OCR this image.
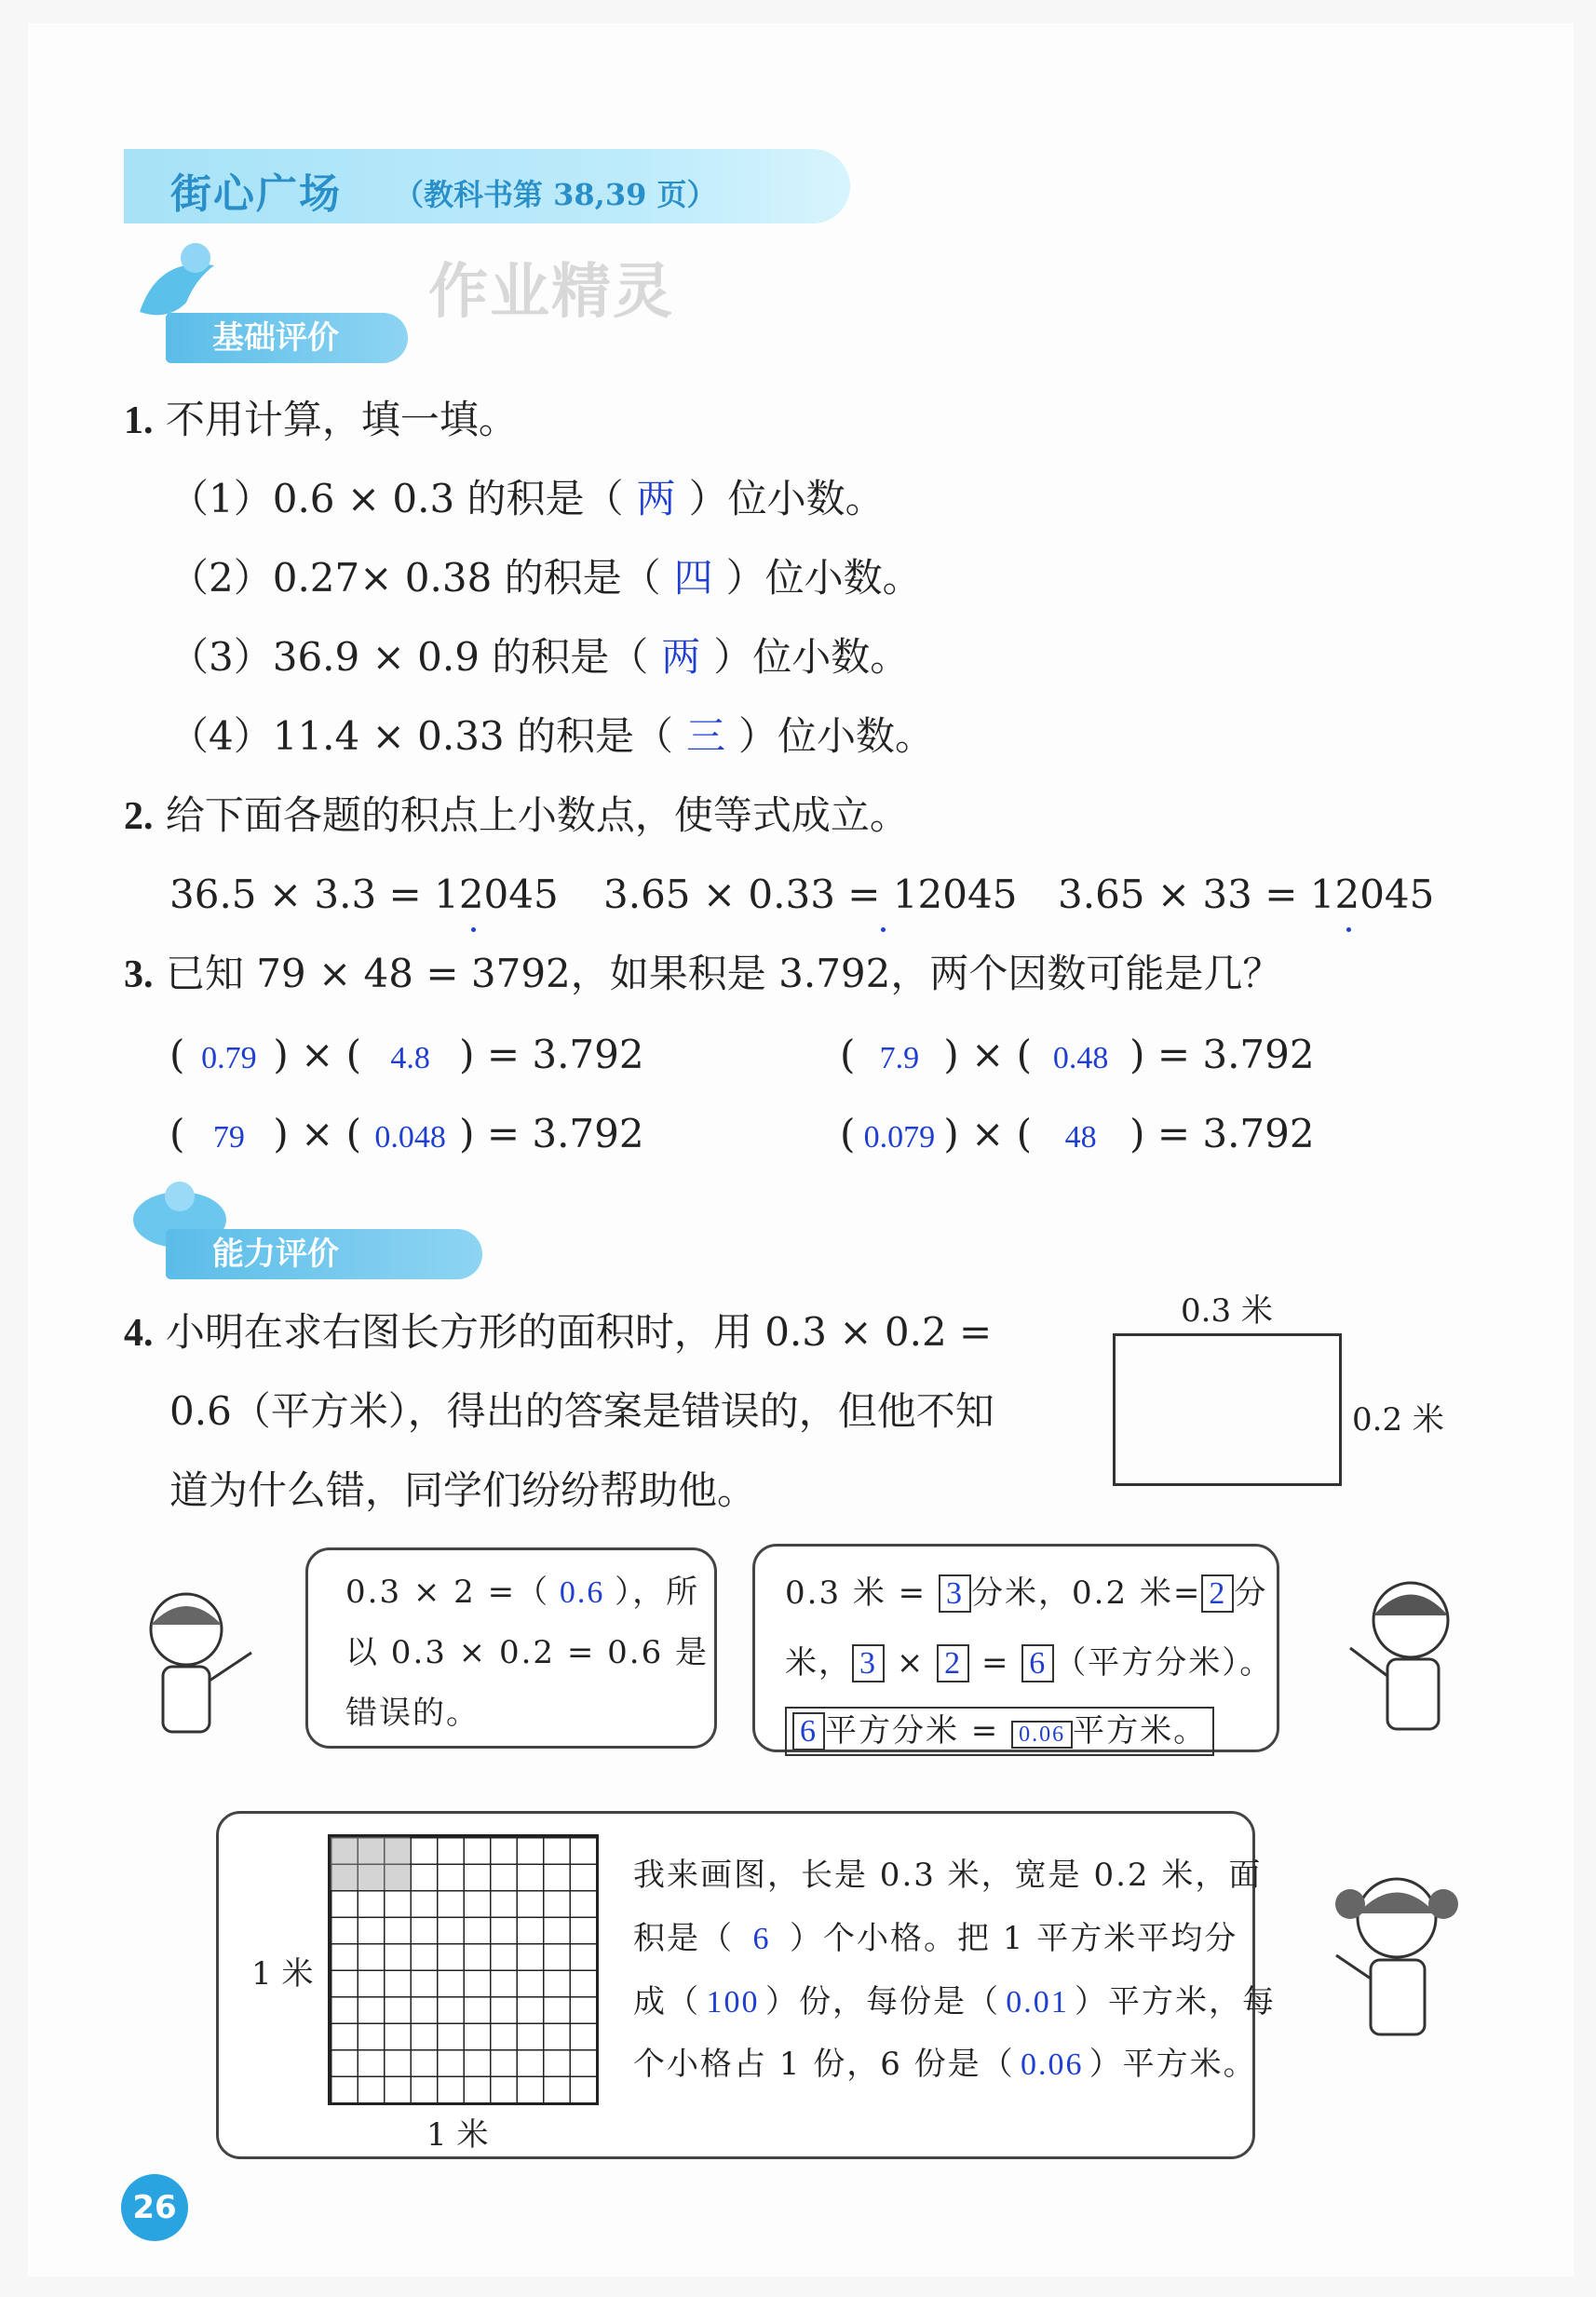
街心广场 （教科书第 38,39 页）
作业精灵
基础评价
1. 不用计算，填一填。
（1）0.6 × 0.3 的积是（ 两 ）位小数。
（2）0.27× 0.38 的积是（ 四 ）位小数。
（3）36.9 × 0.9 的积是（ 两 ）位小数。
（4）11.4 × 0.33 的积是（ 三 ）位小数。
2. 给下面各题的积点上小数点，使等式成立。
36.5 × 3.3 = 12045 3.65 × 0.33 = 12045 3.65 × 33 = 12045
3. 已知 79 × 48 = 3792，如果积是 3.792，两个因数可能是几？
( 0.79 ) × ( 4.8 ) = 3.792	( 7.9 ) × ( 0.48 ) = 3.792
( 79 ) × ( 0.048 ) = 3.792	( 0.079 ) × ( 48 ) = 3.792
能力评价
4. 小明在求右图长方形的面积时，用 0.3 × 0.2 =
0.6（平方米），得出的答案是错误的，但他不知
道为什么错，同学们纷纷帮助他。
0.3 米
0.2 米
0.3 × 2 =（ 0.6 ），所
以 0.3 × 0.2 = 0.6 是
错误的。
0.3 米 = 3 分米，0.2 米= 2 分
米， 3 × 2 = 6 （平方分米）。
6 平方分米 = 0.06 平方米。
1 米
1 米
我来画图，长是 0.3 米，宽是 0.2 米，面
积是（ 6 ）个小格。把 1 平方米平均分
成（ 100 ）份，每份是（ 0.01 ）平方米，每
个小格占 1 份，6 份是（ 0.06 ）平方米。
26
